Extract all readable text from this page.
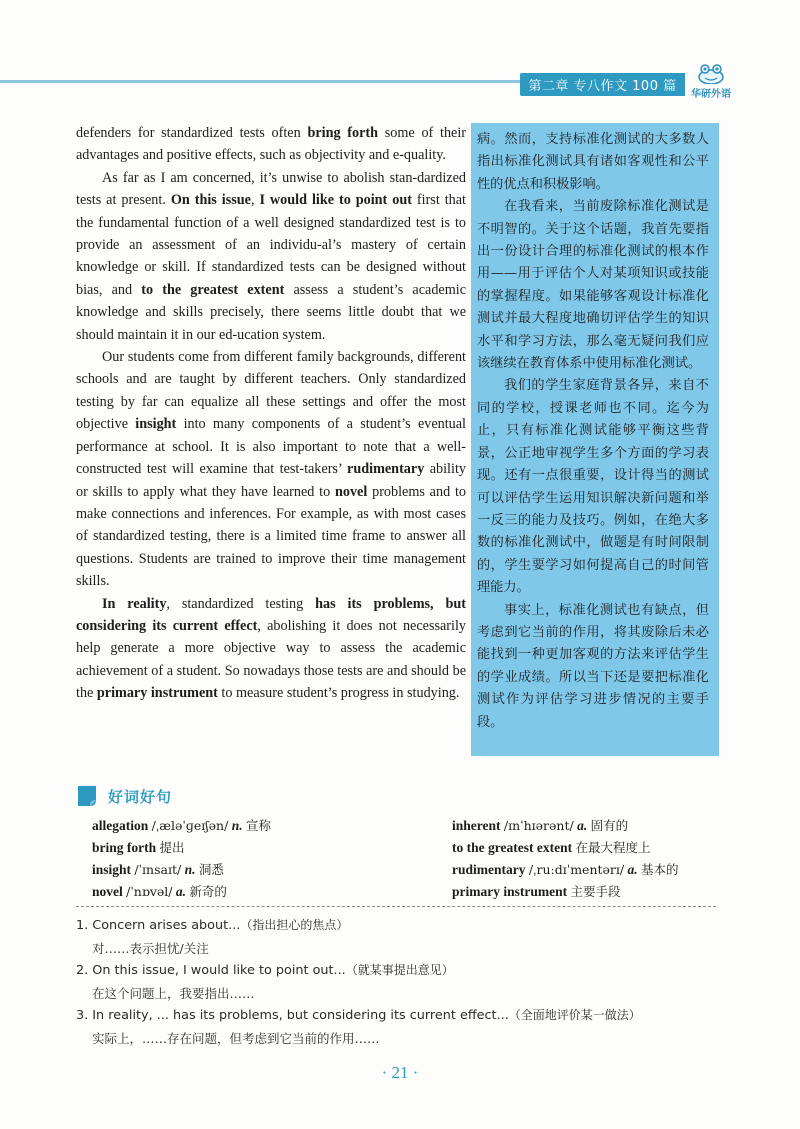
第二章 专八作文 100 篇
华研外语

defenders for standardized tests often bring forth some of their advantages and positive effects, such as objectivity and e-quality.

As far as I am concerned, it’s unwise to abolish stan-dardized tests at present. On this issue, I would like to point out first that the fundamental function of a well designed standardized test is to provide an assessment of an individu-al’s mastery of certain knowledge or skill. If standardized tests can be designed without bias, and to the greatest extent assess a student’s academic knowledge and skills precisely, there seems little doubt that we should maintain it in our ed-ucation system.

Our students come from different family backgrounds, different schools and are taught by different teachers. Only standardized testing by far can equalize all these settings and offer the most objective insight into many components of a student’s eventual performance at school. It is also important to note that a well-constructed test will examine that test-takers’ rudimentary ability or skills to apply what they have learned to novel problems and to make connections and inferences. For example, as with most cases of standardized testing, there is a limited time frame to answer all questions. Students are trained to improve their time management skills.

In reality, standardized testing has its problems, but considering its current effect, abolishing it does not necessarily help generate a more objective way to assess the academic achievement of a student. So nowadays those tests are and should be the primary instrument to measure student’s progress in studying.

病。然而，支持标准化测试的大多数人指出标准化测试具有诸如客观性和公平性的优点和积极影响。

在我看来，当前废除标准化测试是不明智的。关于这个话题，我首先要指出一份设计合理的标准化测试的根本作用——用于评估个人对某项知识或技能的掌握程度。如果能够客观设计标准化测试并最大程度地确切评估学生的知识水平和学习方法，那么毫无疑问我们应该继续在教育体系中使用标准化测试。

我们的学生家庭背景各异，来自不同的学校，授课老师也不同。迄今为止，只有标准化测试能够平衡这些背景，公正地审视学生多个方面的学习表现。还有一点很重要，设计得当的测试可以评估学生运用知识解决新问题和举一反三的能力及技巧。例如，在绝大多数的标准化测试中，做题是有时间限制的，学生要学习如何提高自己的时间管理能力。

事实上，标准化测试也有缺点，但考虑到它当前的作用，将其废除后未必能找到一种更加客观的方法来评估学生的学业成绩。所以当下还是要把标准化测试作为评估学习进步情况的主要手段。

好词好句
allegation /ˌæləˈɡeɪʃən/ n. 宣称	inherent /ɪnˈhɪərənt/ a. 固有的
bring forth 提出	to the greatest extent 在最大程度上
insight /ˈɪnsaɪt/ n. 洞悉	rudimentary /ˌruːdɪˈmentərɪ/ a. 基本的
novel /ˈnɒvəl/ a. 新奇的	primary instrument 主要手段
1. Concern arises about...（指出担心的焦点）
对……表示担忧/关注
2. On this issue, I would like to point out...（就某事提出意见）
在这个问题上，我要指出……
3. In reality, ... has its problems, but considering its current effect...（全面地评价某一做法）
实际上，……存在问题，但考虑到它当前的作用……
· 21 ·
